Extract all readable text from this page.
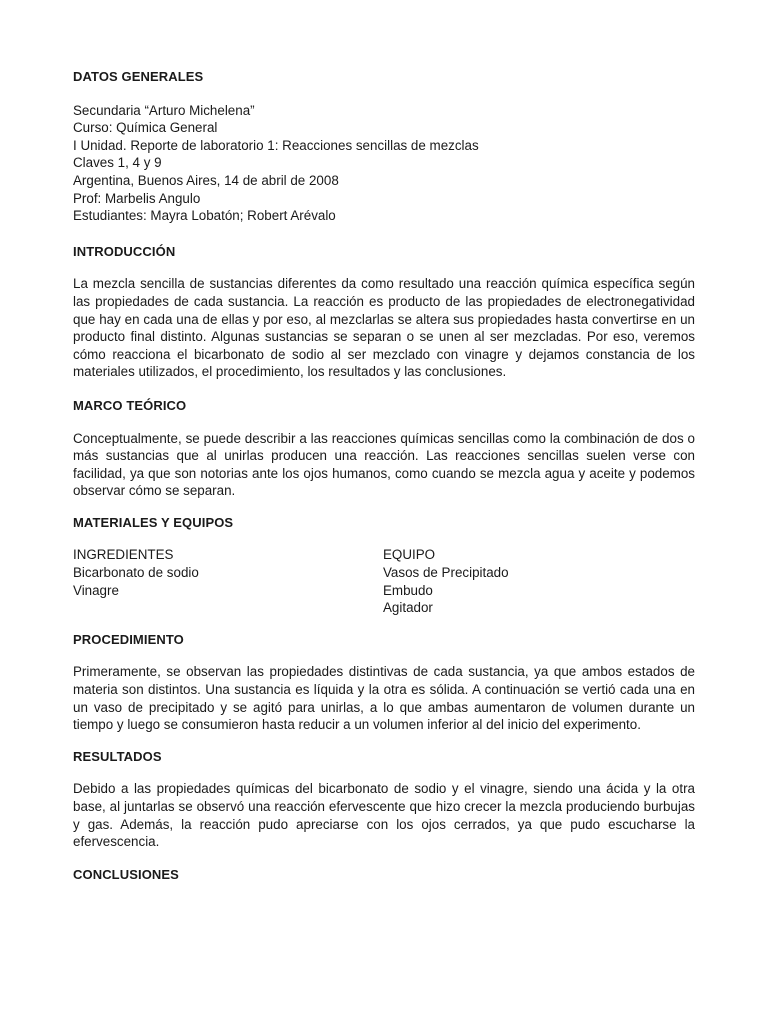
DATOS GENERALES

Secundaria “Arturo Michelena”

Curso: Química General

I Unidad. Reporte de laboratorio 1: Reacciones sencillas de mezclas

Claves 1, 4 y 9

Argentina, Buenos Aires, 14 de abril de 2008

Prof: Marbelis Angulo

Estudiantes: Mayra Lobatón; Robert Arévalo

INTRODUCCIÓN

La mezcla sencilla de sustancias diferentes da como resultado una reacción química específica según las propiedades de cada sustancia. La reacción es producto de las propiedades de electronegatividad que hay en cada una de ellas y por eso, al mezclarlas se altera sus propiedades hasta convertirse en un producto final distinto. Algunas sustancias se separan o se unen al ser mezcladas. Por eso, veremos cómo reacciona el bicarbonato de sodio al ser mezclado con vinagre y dejamos constancia de los materiales utilizados, el procedimiento, los resultados y las conclusiones.

MARCO TEÓRICO

Conceptualmente, se puede describir a las reacciones químicas sencillas como la combinación de dos o más sustancias que al unirlas producen una reacción. Las reacciones sencillas suelen verse con facilidad, ya que son notorias ante los ojos humanos, como cuando se mezcla agua y aceite y podemos observar cómo se separan.

MATERIALES Y EQUIPOS

INGREDIENTES

Bicarbonato de sodio

Vinagre

EQUIPO

Vasos de Precipitado

Embudo

Agitador

PROCEDIMIENTO

Primeramente, se observan las propiedades distintivas de cada sustancia, ya que ambos estados de materia son distintos. Una sustancia es líquida y la otra es sólida. A continuación se vertió cada una en un vaso de precipitado y se agitó para unirlas, a lo que ambas aumentaron de volumen durante un tiempo y luego se consumieron hasta reducir a un volumen inferior al del inicio del experimento.

RESULTADOS

Debido a las propiedades químicas del bicarbonato de sodio y el vinagre, siendo una ácida y la otra base, al juntarlas se observó una reacción efervescente que hizo crecer la mezcla produciendo burbujas y gas. Además, la reacción pudo apreciarse con los ojos cerrados, ya que pudo escucharse la efervescencia.

CONCLUSIONES
